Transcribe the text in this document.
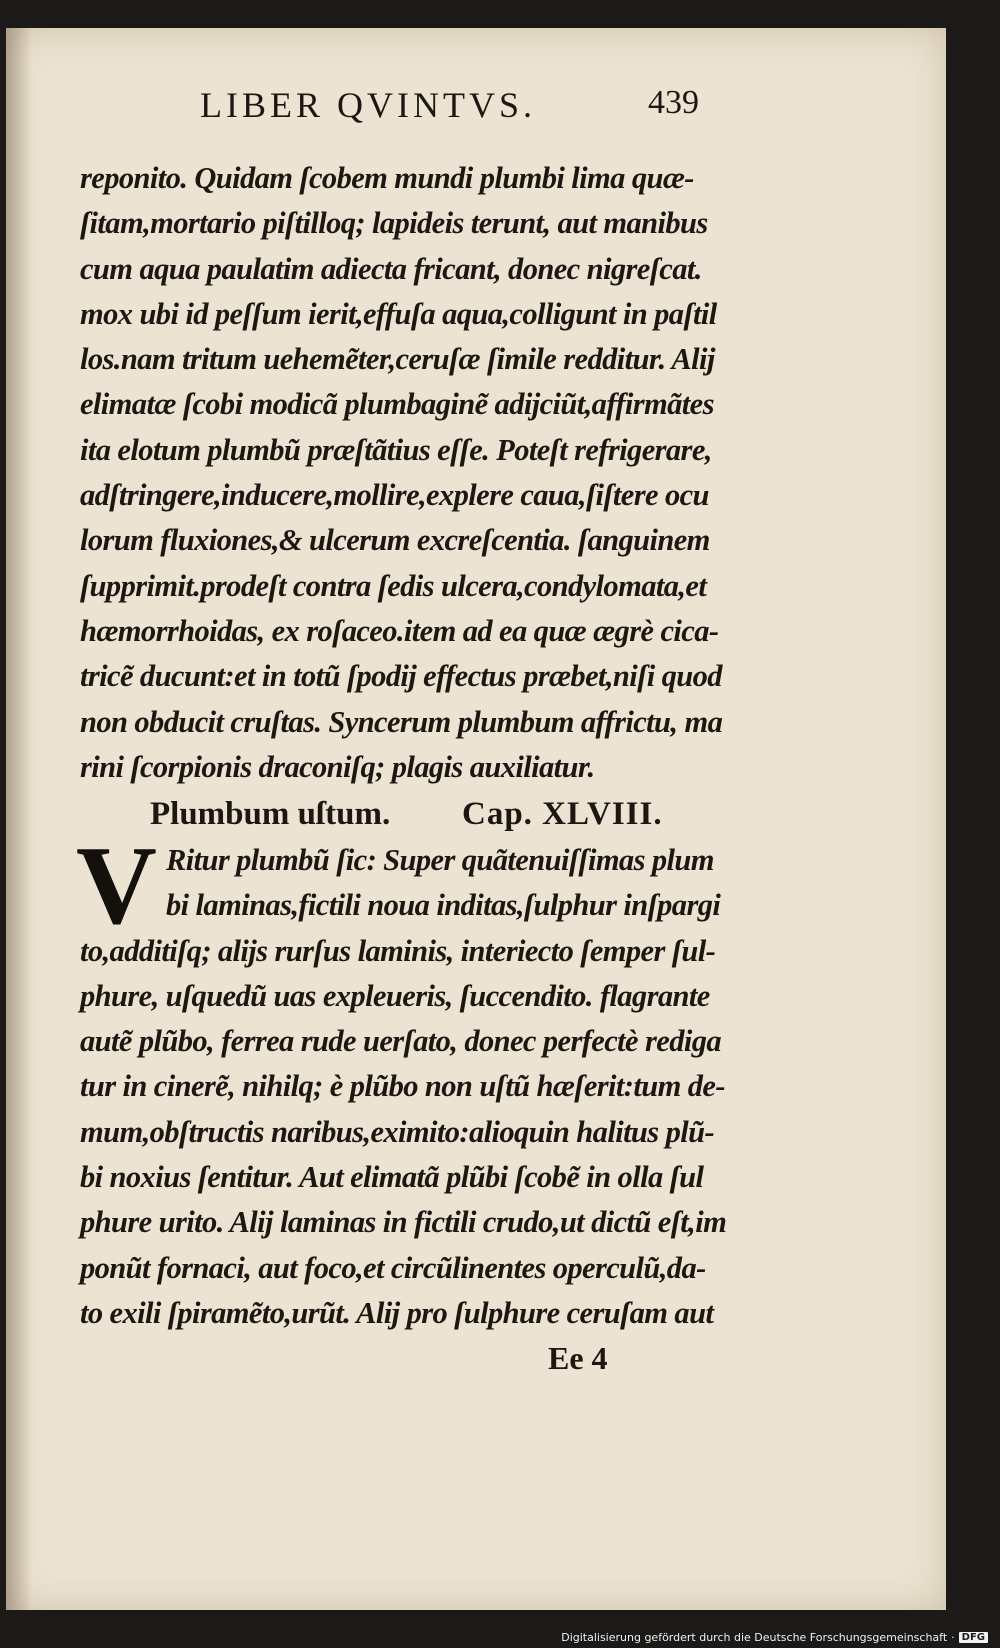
LIBER QVINTVS.	439
reponito. Quidam ſcobem mundi plumbi lima quæ-
ſitam,mortario piſtilloq; lapideis terunt, aut manibus
cum aqua paulatim adiecta fricant, donec nigreſcat.
mox ubi id peſſum ierit,effuſa aqua,colligunt in paſtil
los.nam tritum uehemẽter,ceruſæ ſimile redditur. Alij
elimatæ ſcobi modicã plumbaginẽ adijciũt,affirmãtes
ita elotum plumbũ præſtãtius eſſe. Poteſt refrigerare,
adſtringere,inducere,mollire,explere caua,ſiſtere ocu
lorum fluxiones,& ulcerum excreſcentia. ſanguinem
ſupprimit.prodeſt contra ſedis ulcera,condylomata,et
hæmorrhoidas, ex roſaceo.item ad ea quæ ægrè cica-
tricẽ ducunt:et in totũ ſpodij effectus præbet,niſi quod
non obducit cruſtas. Syncerum plumbum affrictu, ma
rini ſcorpionis draconiſq; plagis auxiliatur.
Plumbum uſtum. Cap. XLVIII.
V Ritur plumbũ ſic: Super quãtenuiſſimas plum
bi laminas,fictili noua inditas,ſulphur inſpargi
to,additiſq; alijs rurſus laminis, interiecto ſemper ſul-
phure, uſquedũ uas expleueris, ſuccendito. flagrante
autẽ plũbo, ferrea rude uerſato, donec perfectè rediga
tur in cinerẽ, nihilq; è plũbo non uſtũ hæſerit:tum de-
mum,obſtructis naribus,eximito:alioquin halitus plũ-
bi noxius ſentitur. Aut elimatã plũbi ſcobẽ in olla ſul
phure urito. Alij laminas in fictili crudo,ut dictũ eſt,im
ponũt fornaci, aut foco,et circũlinentes operculũ,da-
to exili ſpiramẽto,urũt. Alij pro ſulphure ceruſam aut
Ee 4
Digitalisierung gefördert durch die Deutsche Forschungsgemeinschaft · DFG
